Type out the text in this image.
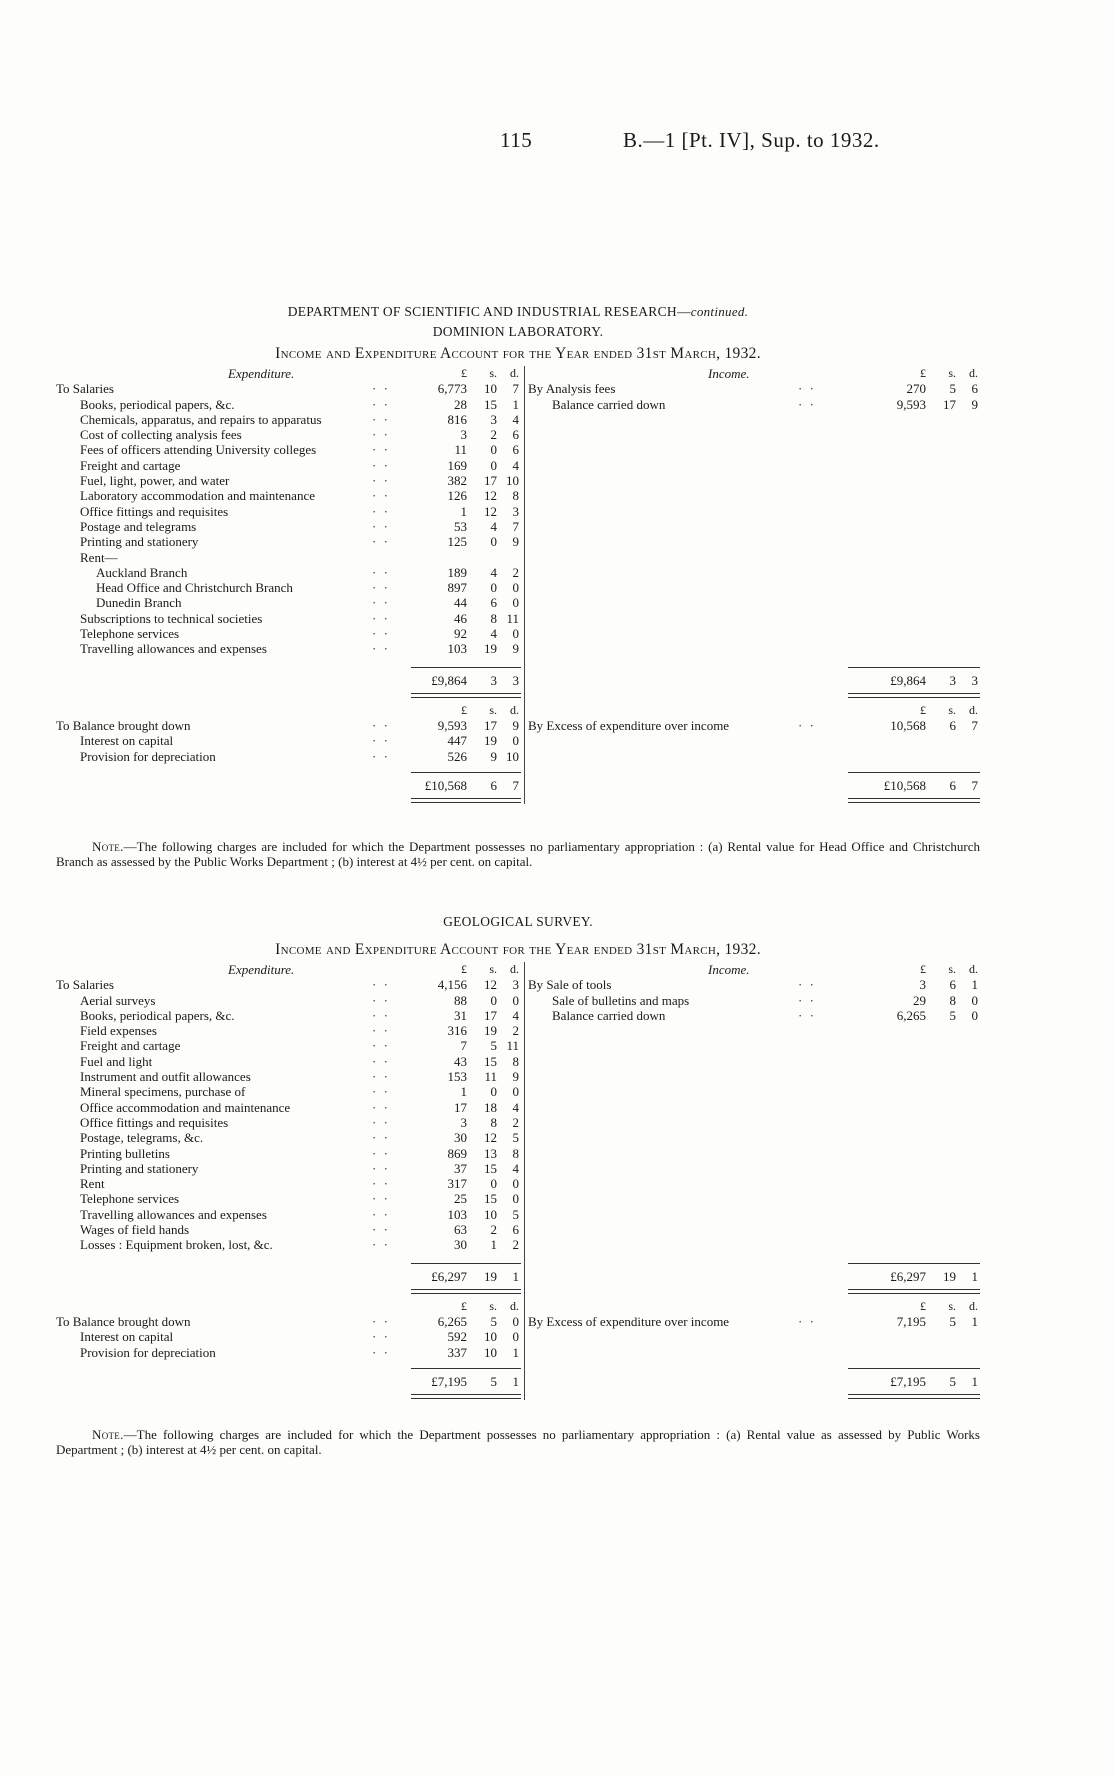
115	B.—1 [Pt. IV], Sup. to 1932.
DEPARTMENT OF SCIENTIFIC AND INDUSTRIAL RESEARCH—continued.
DOMINION LABORATORY.
Income and Expenditure Account for the Year ended 31st March, 1932.
Expenditure.	£ s. d.
To Salaries	· ·	6,773 10 7
Books, periodical papers, &c.	· ·	28 15 1
Chemicals, apparatus, and repairs to apparatus	· ·	816 3 4
Cost of collecting analysis fees	· ·	3 2 6
Fees of officers attending University colleges	· ·	11 0 6
Freight and cartage	· ·	169 0 4
Fuel, light, power, and water	· ·	382 17 10
Laboratory accommodation and maintenance	· ·	126 12 8
Office fittings and requisites	· ·	1 12 3
Postage and telegrams	· ·	53 4 7
Printing and stationery	· ·	125 0 9
Rent—
Auckland Branch	· ·	189 4 2
Head Office and Christchurch Branch	· ·	897 0 0
Dunedin Branch	· ·	44 6 0
Subscriptions to technical societies	· ·	46 8 11
Telephone services	· ·	92 4 0
Travelling allowances and expenses	· ·	103 19 9
£9,864 3 3
£ s. d.
To Balance brought down	· ·	9,593 17 9
Interest on capital	· ·	447 19 0
Provision for depreciation	· ·	526 9 10
£10,568 6 7
Income.	£ s. d.
By Analysis fees	· ·	270 5 6
Balance carried down	· ·	9,593 17 9
£9,864 3 3
£ s. d.
By Excess of expenditure over income	· ·	10,568 6 7
£10,568 6 7
Note.—The following charges are included for which the Department possesses no parliamentary appropriation : (a) Rental value for Head Office and Christchurch Branch as assessed by the Public Works Department ; (b) interest at 4½ per cent. on capital.
GEOLOGICAL SURVEY.
Income and Expenditure Account for the Year ended 31st March, 1932.
Expenditure.	£ s. d.
To Salaries	· ·	4,156 12 3
Aerial surveys	· ·	88 0 0
Books, periodical papers, &c.	· ·	31 17 4
Field expenses	· ·	316 19 2
Freight and cartage	· ·	7 5 11
Fuel and light	· ·	43 15 8
Instrument and outfit allowances	· ·	153 11 9
Mineral specimens, purchase of	· ·	1 0 0
Office accommodation and maintenance	· ·	17 18 4
Office fittings and requisites	· ·	3 8 2
Postage, telegrams, &c.	· ·	30 12 5
Printing bulletins	· ·	869 13 8
Printing and stationery	· ·	37 15 4
Rent	· ·	317 0 0
Telephone services	· ·	25 15 0
Travelling allowances and expenses	· ·	103 10 5
Wages of field hands	· ·	63 2 6
Losses : Equipment broken, lost, &c.	· ·	30 1 2
£6,297 19 1
£ s. d.
To Balance brought down	· ·	6,265 5 0
Interest on capital	· ·	592 10 0
Provision for depreciation	· ·	337 10 1
£7,195 5 1
Income.	£ s. d.
By Sale of tools	· ·	3 6 1
Sale of bulletins and maps	· ·	29 8 0
Balance carried down	· ·	6,265 5 0
£6,297 19 1
£ s. d.
By Excess of expenditure over income	· ·	7,195 5 1
£7,195 5 1
Note.—The following charges are included for which the Department possesses no parliamentary appropriation : (a) Rental value as assessed by Public Works Department ; (b) interest at 4½ per cent. on capital.
